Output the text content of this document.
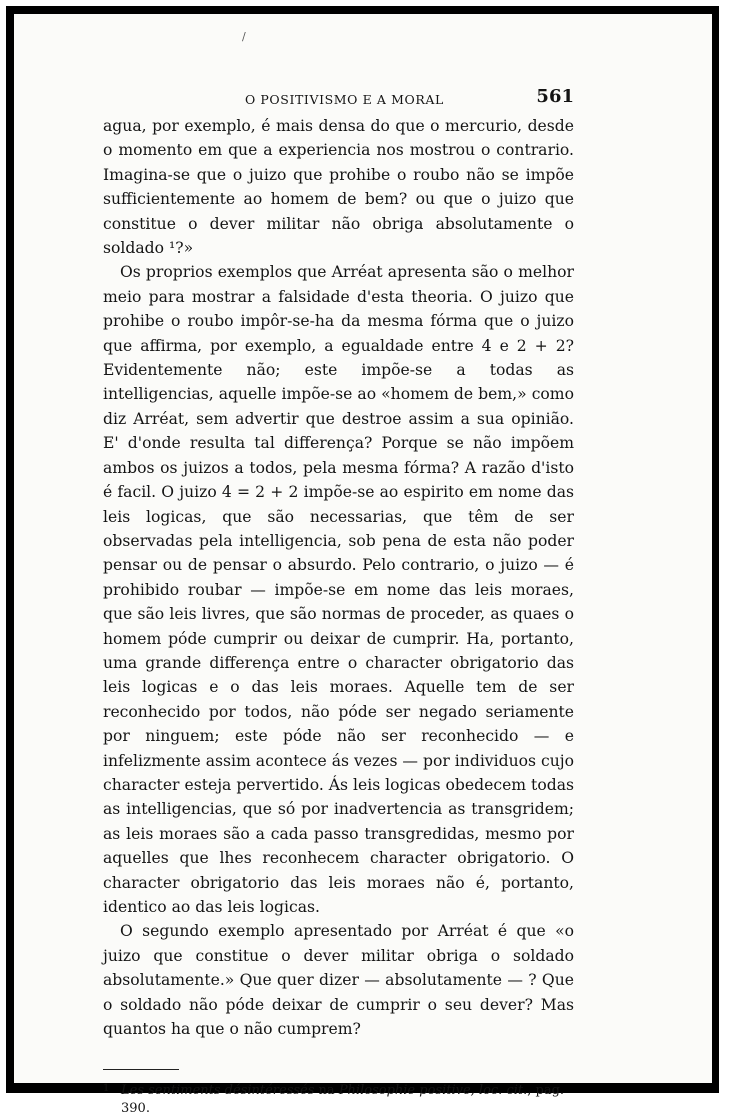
/
O POSITIVISMO E A MORAL	561

agua, por exemplo, é mais densa do que o mercurio, desde o momento em que a experiencia nos mostrou o contrario. Imagina-se que o juizo que prohibe o roubo não se impõe sufficientemente ao homem de bem? ou que o juizo que constitue o dever militar não obriga absolutamente o soldado ¹?»

Os proprios exemplos que Arréat apresenta são o melhor meio para mostrar a falsidade d'esta theoria. O juizo que prohibe o roubo impôr-se-ha da mesma fórma que o juizo que affirma, por exemplo, a egualdade entre 4 e 2 + 2? Evidentemente não; este impõe-se a todas as intelligencias, aquelle impõe-se ao «homem de bem,» como diz Arréat, sem advertir que destroe assim a sua opinião. E' d'onde resulta tal differença? Porque se não impõem ambos os juizos a todos, pela mesma fórma? A razão d'isto é facil. O juizo 4 = 2 + 2 impõe-se ao espirito em nome das leis logicas, que são necessarias, que têm de ser observadas pela intelligencia, sob pena de esta não poder pensar ou de pensar o absurdo. Pelo contrario, o juizo — é prohibido roubar — impõe-se em nome das leis moraes, que são leis livres, que são normas de proceder, as quaes o homem póde cumprir ou deixar de cumprir. Ha, portanto, uma grande differença entre o character obrigatorio das leis logicas e o das leis moraes. Aquelle tem de ser reconhecido por todos, não póde ser negado seriamente por ninguem; este póde não ser reconhecido — e infelizmente assim acontece ás vezes — por individuos cujo character esteja pervertido. Ás leis logicas obedecem todas as intelligencias, que só por inadvertencia as transgridem; as leis moraes são a cada passo transgredidas, mesmo por aquelles que lhes reconhecem character obrigatorio. O character obrigatorio das leis moraes não é, portanto, identico ao das leis logicas.

O segundo exemplo apresentado por Arréat é que «o juizo que constitue o dever militar obriga o soldado absolutamente.» Que quer dizer — absolutamente — ? Que o soldado não póde deixar de cumprir o seu dever? Mas quantos ha que o não cumprem?

1 Les sentiments désintéressés na Philosophie positive, loc. cit., pag. 390.
